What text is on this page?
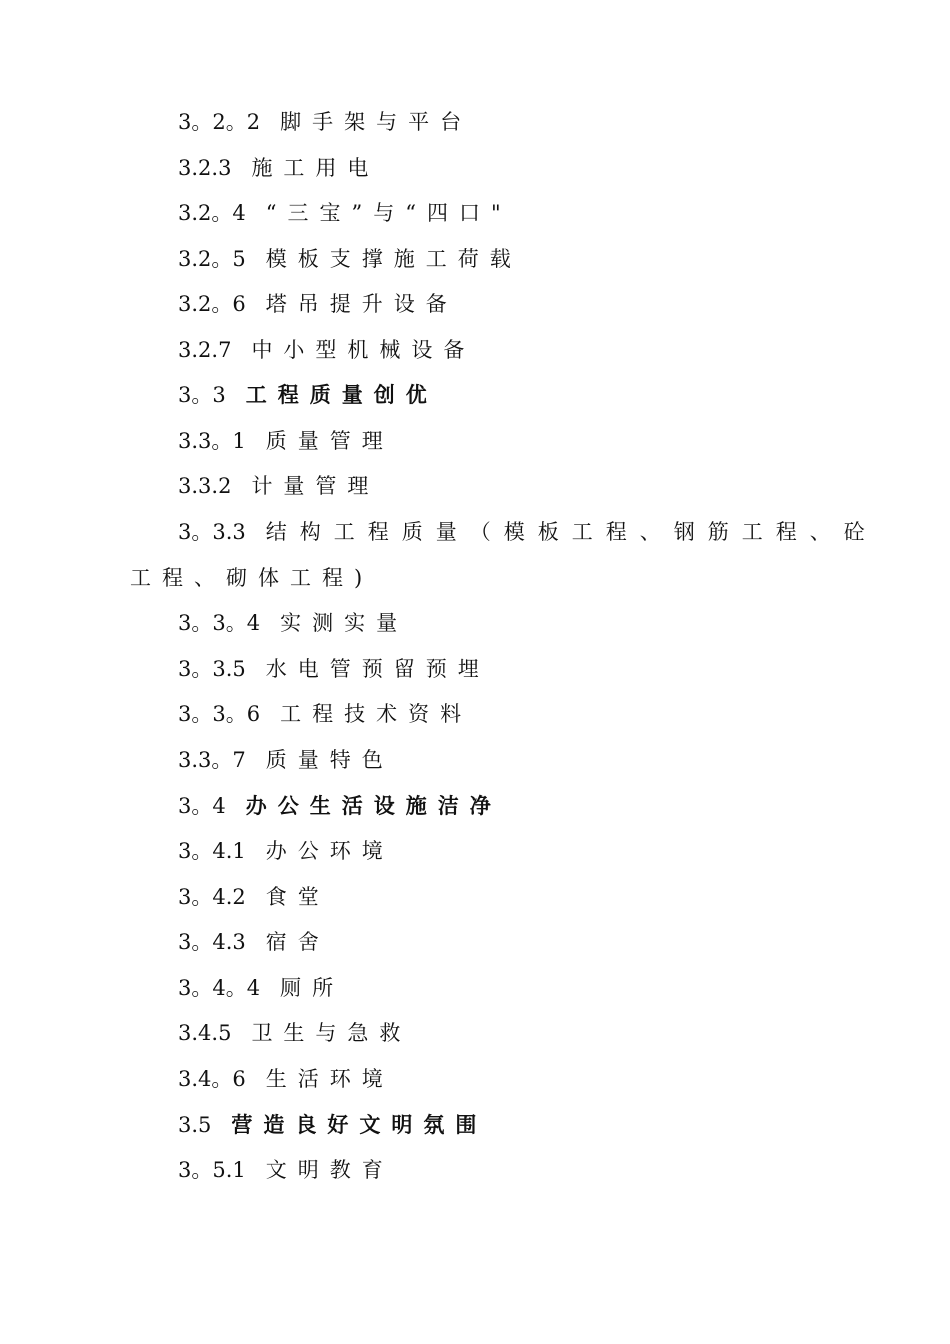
3。2。2 脚手架与平台
3.2.3 施工用电
3.2。4 “三宝”与“四口"
3.2。5 模板支撑施工荷载
3.2。6 塔吊提升设备
3.2.7 中小型机械设备
3。3 工程质量创优
3.3。1 质量管理
3.3.2 计量管理
3。3.3 结构工程质量（模板工程、钢筋工程、砼
工程、砌体工程)
3。3。4 实测实量
3。3.5 水电管预留预埋
3。3。6 工程技术资料
3.3。7 质量特色
3。4 办公生活设施洁净
3。4.1 办公环境
3。4.2 食堂
3。4.3 宿舍
3。4。4 厕所
3.4.5 卫生与急救
3.4。6 生活环境
3.5 营造良好文明氛围
3。5.1 文明教育
